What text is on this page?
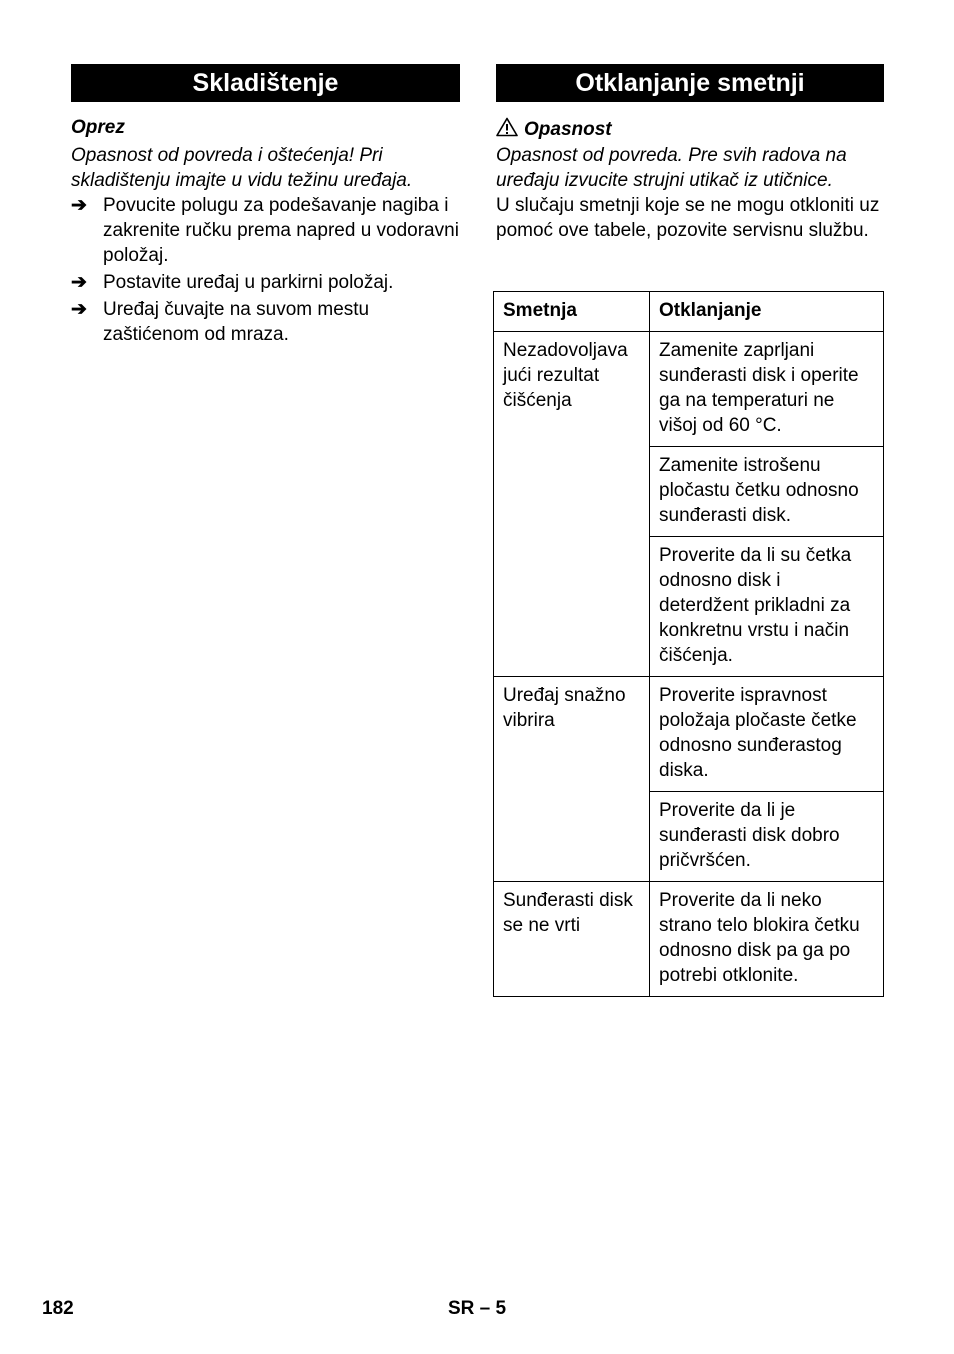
Skladištenje
Oprez

Opasnost od povreda i oštećenja! Pri skladištenju imajte u vidu težinu uređaja.

➔ Povucite polugu za podešavanje nagiba i zakrenite ručku prema napred u vodoravni položaj.
➔ Postavite uređaj u parkirni položaj.
➔ Uređaj čuvajte na suvom mestu zaštićenom od mraza.
Otklanjanje smetnji
Opasnost

Opasnost od povreda. Pre svih radova na uređaju izvucite strujni utikač iz utičnice.

U slučaju smetnji koje se ne mogu otkloniti uz pomoć ove tabele, pozovite servisnu službu.

Smetnja	Otklanjanje
Nezadovoljava jući rezultat čišćenja	Zamenite zaprljani sunđerasti disk i operite ga na temperaturi ne višoj od 60 °C.
	Zamenite istrošenu pločastu četku odnosno sunđerasti disk.
	Proverite da li su četka odnosno disk i deterdžent prikladni za konkretnu vrstu i način čišćenja.
Uređaj snažno vibrira	Proverite ispravnost položaja pločaste četke odnosno sunđerastog diska.
	Proverite da li je sunđerasti disk dobro pričvršćen.
Sunđerasti disk se ne vrti	Proverite da li neko strano telo blokira četku odnosno disk pa ga po potrebi otklonite.
182	SR – 5
